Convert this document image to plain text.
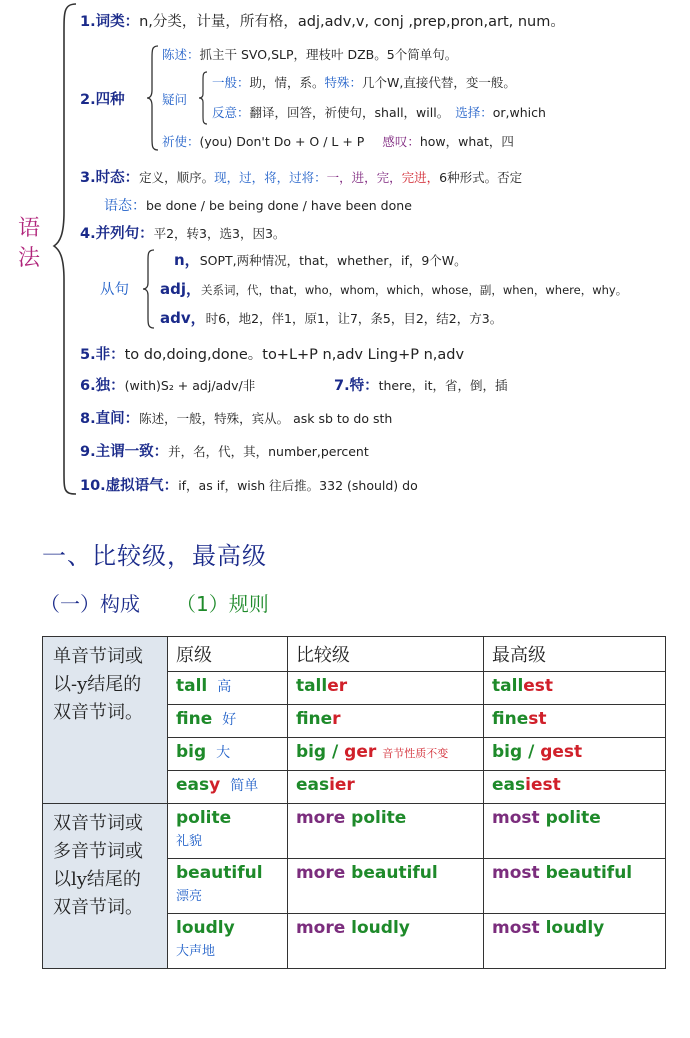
语法
1.词类：n,分类，计量，所有格，adj,adv,v, conj ,prep,pron,art, num。
2.四种
陈述：抓主干 SVO,SLP，理枝叶 DZB。5个简单句。
疑问
一般：助，情，系。特殊：几个W,直接代替，变一般。
反意：翻译，回答，祈使句，shall，will。 选择：or,which
祈使：(you) Don't Do + O / L + P 感叹：how，what，四
3.时态：定义，顺序。现，过，将，过将：一，进，完，完进，6种形式。否定
语态：be done / be being done / have been done
4.并列句：平2，转3，选3，因3。
从句
n，SOPT,两种情况，that，whether，if，9个W。
adj，关系词，代，that，who，whom，which，whose，副，when，where，why。
adv，时6，地2，伴1，原1，让7，条5，目2，结2，方3。
5.非：to do,doing,done。to+L+P n,adv Ling+P n,adv
6.独：(with)S₂ + adj/adv/非	7.特：there，it，省，倒，插
8.直间：陈述，一般，特殊，宾从。 ask sb to do sth
9.主谓一致：并，名，代，其，number,percent
10.虚拟语气：if，as if，wish 往后推。332 (should) do
一、比较级，最高级
（一）构成 （1）规则
单音节词或以-y结尾的双音节词。	原级	比较级	最高级
	tall 高	taller	tallest
	fine 好	finer	finest
	big 大	big / ger 音节性质不变	big / gest
	easy 简单	easier	easiest
双音节词或多音节词或以ly结尾的双音节词。	polite
礼貌	more polite	most polite
	beautiful
漂亮	more beautiful	most beautiful
	loudly
大声地	more loudly	most loudly
